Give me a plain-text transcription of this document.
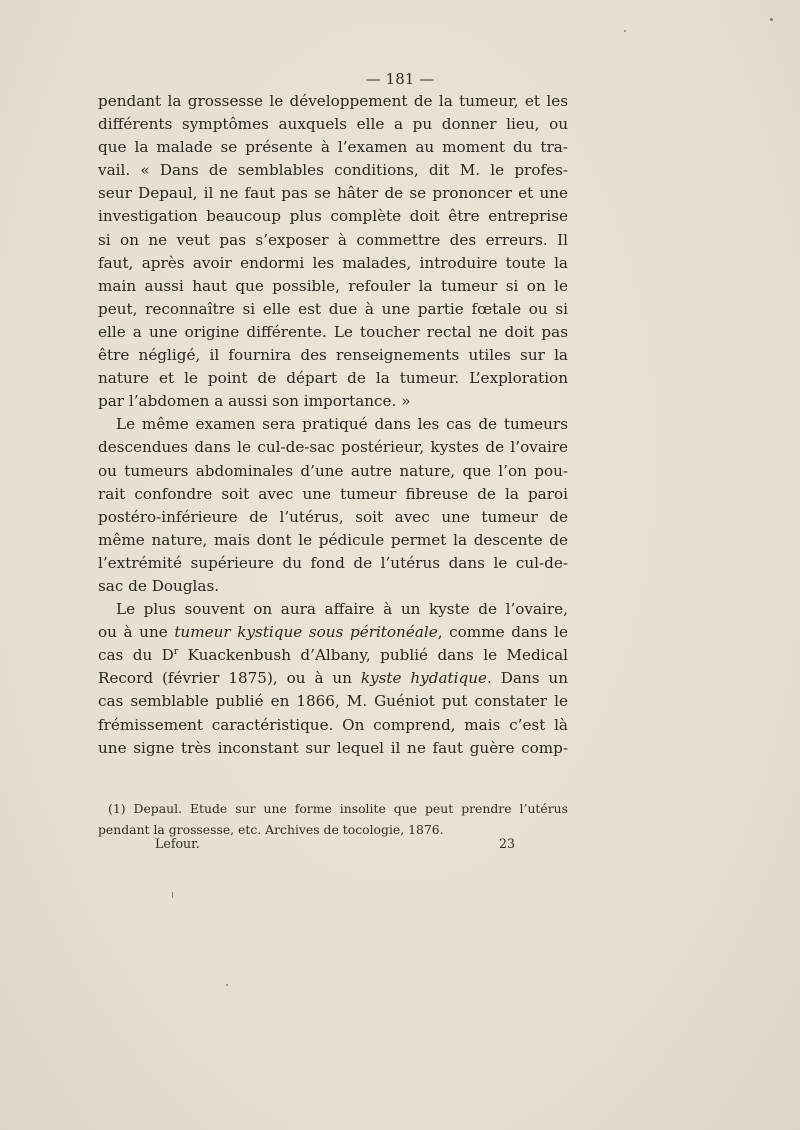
— 181 —
pendant la grossesse le développement de la tumeur, et les
différents symptômes auxquels elle a pu donner lieu, ou
que la malade se présente à l’examen au moment du tra-
vail. « Dans de semblables conditions, dit M. le profes-
seur Depaul, il ne faut pas se hâter de se prononcer et une
investigation beaucoup plus complète doit être entreprise
si on ne veut pas s’exposer à commettre des erreurs. Il
faut, après avoir endormi les malades, introduire toute la
main aussi haut que possible, refouler la tumeur si on le
peut, reconnaître si elle est due à une partie fœtale ou si
elle a une origine différente. Le toucher rectal ne doit pas
être négligé, il fournira des renseignements utiles sur la
nature et le point de départ de la tumeur. L’exploration
par l’abdomen a aussi son importance. »
Le même examen sera pratiqué dans les cas de tumeurs
descendues dans le cul-de-sac postérieur, kystes de l’ovaire
ou tumeurs abdominales d’une autre nature, que l’on pou-
rait confondre soit avec une tumeur fibreuse de la paroi
postéro-inférieure de l’utérus, soit avec une tumeur de
même nature, mais dont le pédicule permet la descente de
l’extrémité supérieure du fond de l’utérus dans le cul-de-
sac de Douglas.
Le plus souvent on aura affaire à un kyste de l’ovaire,
ou à une tumeur kystique sous péritonéale, comme dans le
cas du $D^r$ Kuackenbush d’Albany, publié dans le Medical
Record (février 1875), ou à un kyste hydatique. Dans un
cas semblable publié en 1866, M. Guéniot put constater le
frémissement caractéristique. On comprend, mais c’est là
une signe très inconstant sur lequel il ne faut guère comp-
(1) Depaul. Etude sur une forme insolite que peut prendre l’utérus
pendant la grossesse, etc. Archives de tocologie, 1876.
Lefour.	23
